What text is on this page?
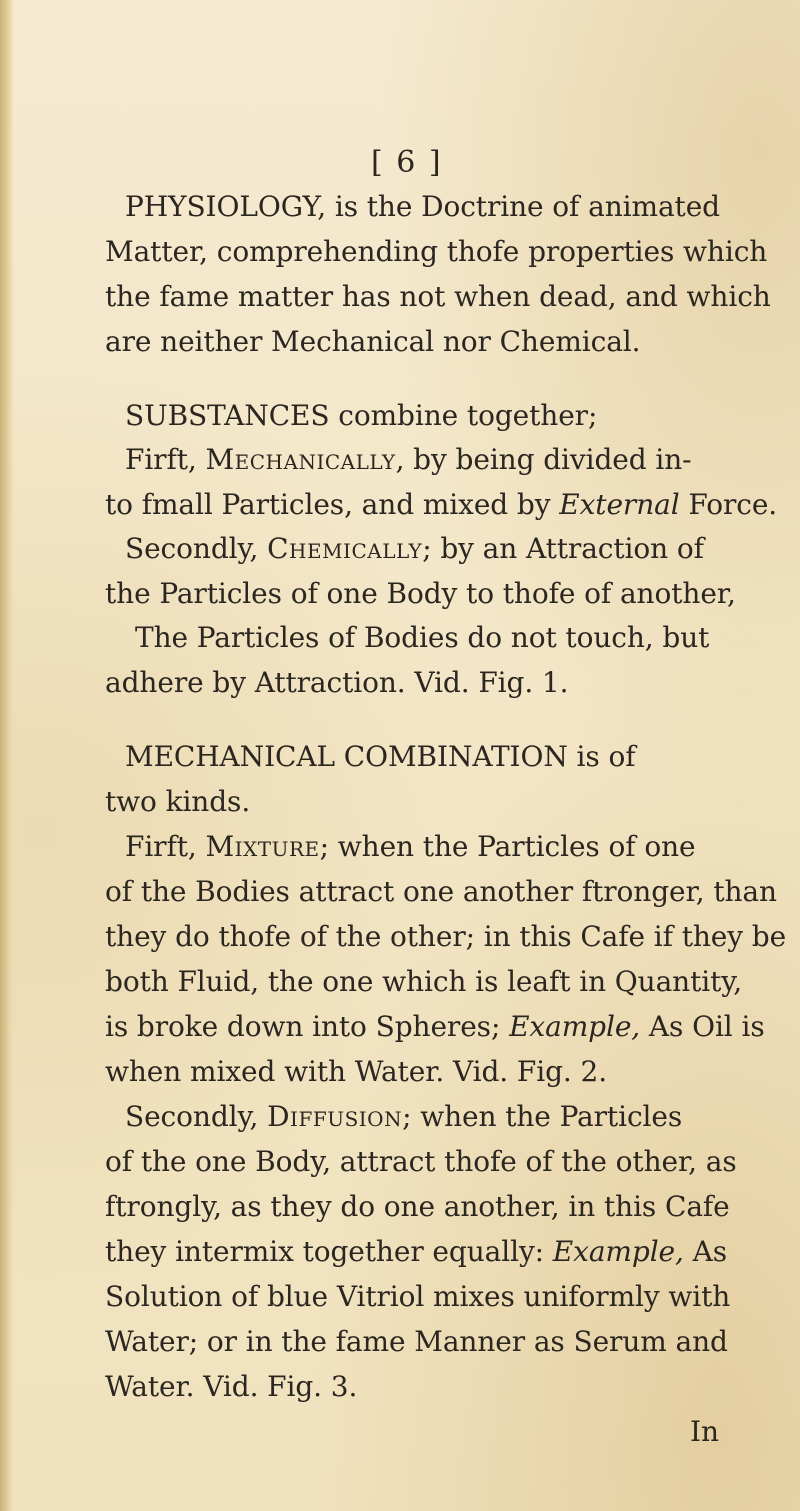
[ 6 ]
PHYSIOLOGY, is the Doctrine of animated
Matter, comprehending thofe properties which
the fame matter has not when dead, and which
are neither Mechanical nor Chemical.
SUBSTANCES combine together;
Firft, Mechanically, by being divided in-
to fmall Particles, and mixed by External Force.
Secondly, Chemically; by an Attraction of
the Particles of one Body to thofe of another,
The Particles of Bodies do not touch, but
adhere by Attraction. Vid. Fig. 1.
MECHANICAL COMBINATION is of
two kinds.
Firft, Mixture; when the Particles of one
of the Bodies attract one another ftronger, than
they do thofe of the other; in this Cafe if they be
both Fluid, the one which is leaft in Quantity,
is broke down into Spheres; Example, As Oil is
when mixed with Water. Vid. Fig. 2.
Secondly, Diffusion; when the Particles
of the one Body, attract thofe of the other, as
ftrongly, as they do one another, in this Cafe
they intermix together equally: Example, As
Solution of blue Vitriol mixes uniformly with
Water; or in the fame Manner as Serum and
Water. Vid. Fig. 3.
In
